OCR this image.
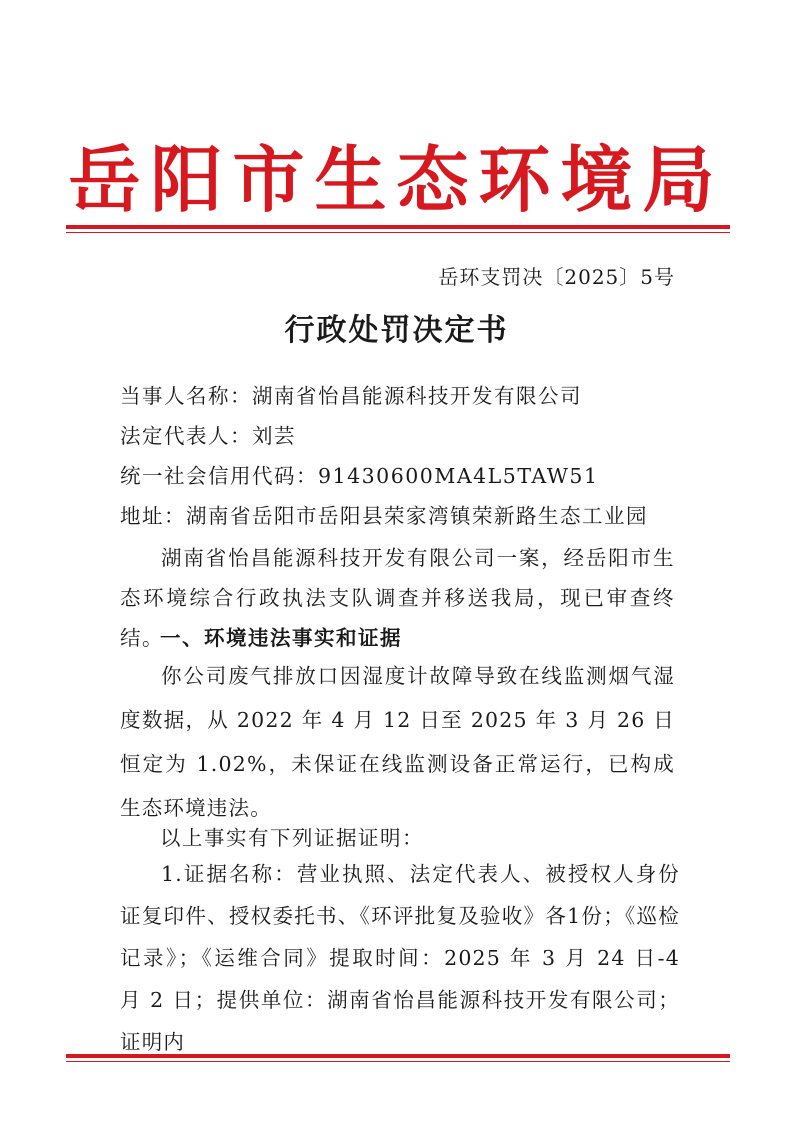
岳阳市生态环境局
岳环支罚决〔2025〕5号
行政处罚决定书
当事人名称：湖南省怡昌能源科技开发有限公司
法定代表人：刘芸
统一社会信用代码：91430600MA4L5TAW51
地址：湖南省岳阳市岳阳县荣家湾镇荣新路生态工业园
湖南省怡昌能源科技开发有限公司一案，经岳阳市生态环境综合行政执法支队调查并移送我局，现已审查终结。
一、环境违法事实和证据
你公司废气排放口因湿度计故障导致在线监测烟气湿度数据，从 2022 年 4 月 12 日至 2025 年 3 月 26 日恒定为 1.02%，未保证在线监测设备正常运行，已构成生态环境违法。
以上事实有下列证据证明：
1.证据名称：营业执照、法定代表人、被授权人身份证复印件、授权委托书、《环评批复及验收》各1份；《巡检记录》；《运维合同》提取时间：2025 年 3 月 24 日-4 月 2 日；提供单位：湖南省怡昌能源科技开发有限公司；证明内
